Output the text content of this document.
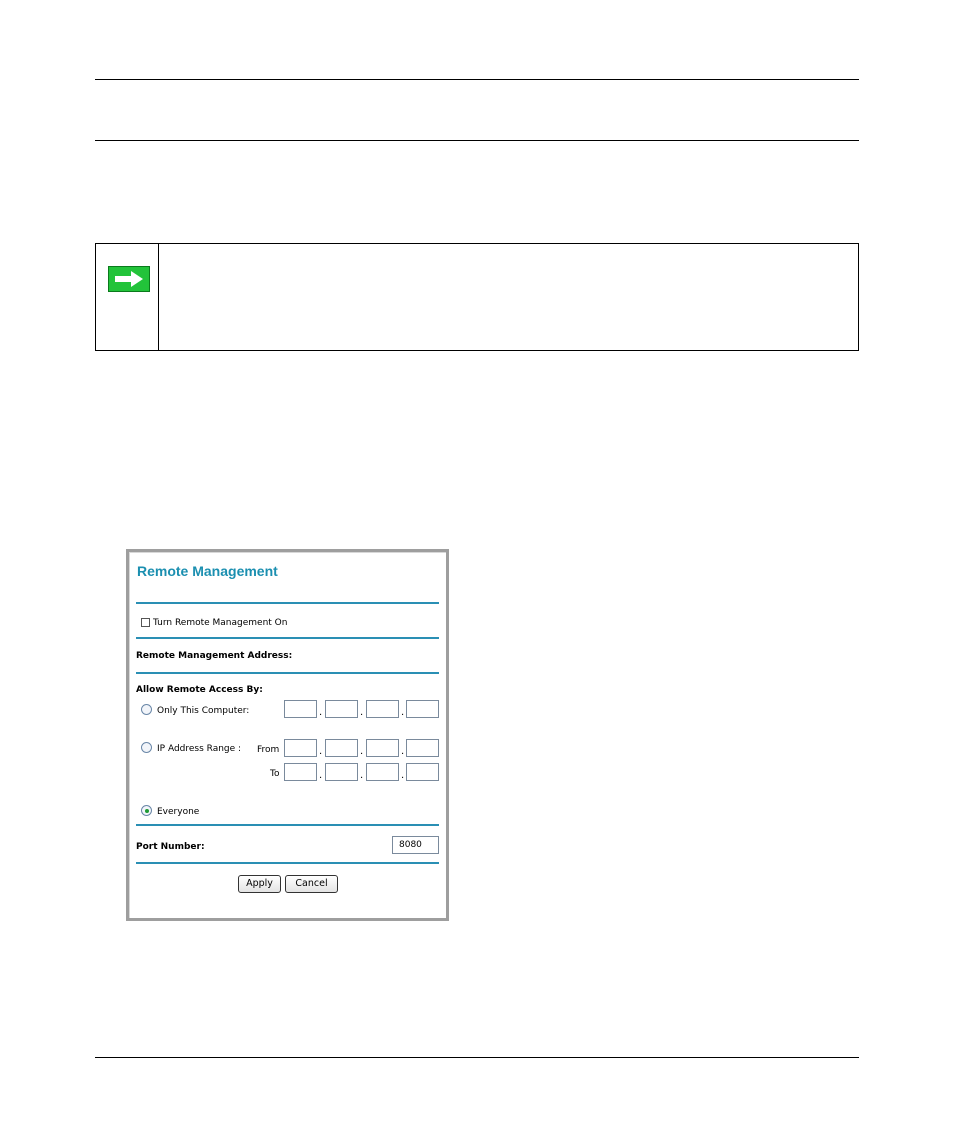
Remote Management
Turn Remote Management On
Remote Management Address:
Allow Remote Access By:
Only This Computer:	.	.	.
IP Address Range : From	.	.	.
To	.	.	.
Everyone
Port Number:	8080
Apply	Cancel
